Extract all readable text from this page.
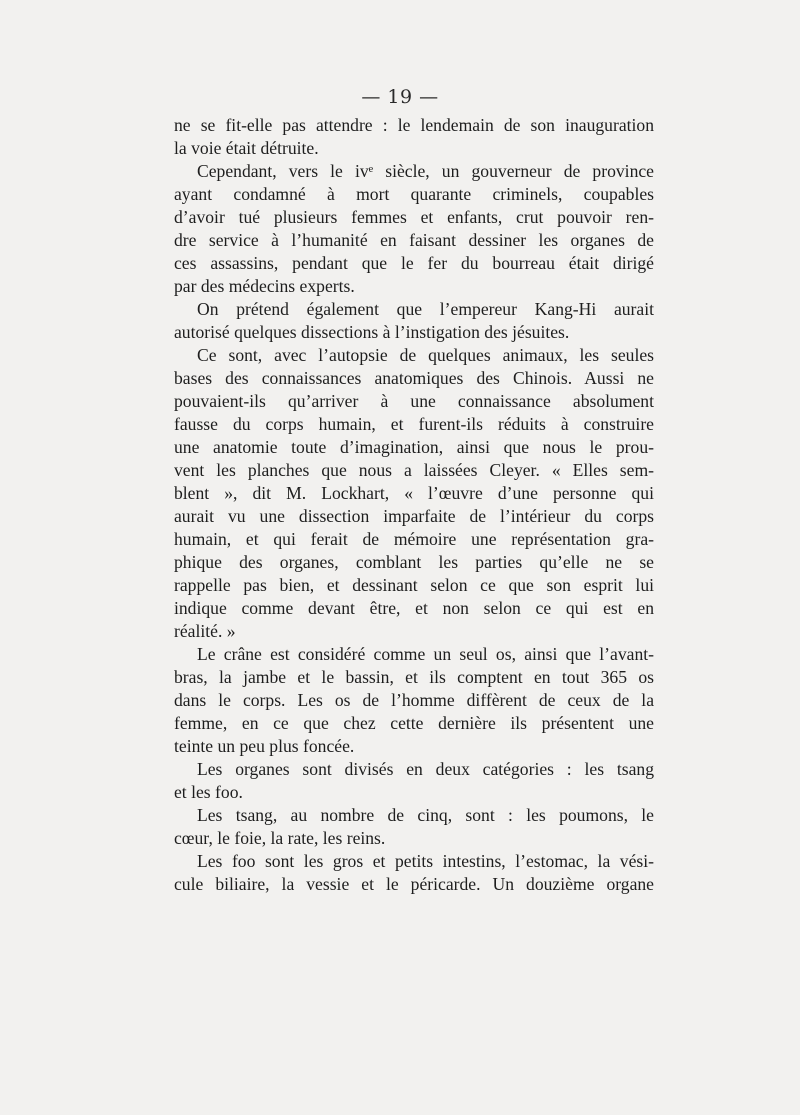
— 19 —
ne se fit-elle pas attendre : le lendemain de son inauguration
la voie était détruite.
Cependant, vers le ivᵉ siècle, un gouverneur de province
ayant condamné à mort quarante criminels, coupables
d’avoir tué plusieurs femmes et enfants, crut pouvoir ren-
dre service à l’humanité en faisant dessiner les organes de
ces assassins, pendant que le fer du bourreau était dirigé
par des médecins experts.
On prétend également que l’empereur Kang-Hi aurait
autorisé quelques dissections à l’instigation des jésuites.
Ce sont, avec l’autopsie de quelques animaux, les seules
bases des connaissances anatomiques des Chinois. Aussi ne
pouvaient-ils qu’arriver à une connaissance absolument
fausse du corps humain, et furent-ils réduits à construire
une anatomie toute d’imagination, ainsi que nous le prou-
vent les planches que nous a laissées Cleyer. « Elles sem-
blent », dit M. Lockhart, « l’œuvre d’une personne qui
aurait vu une dissection imparfaite de l’intérieur du corps
humain, et qui ferait de mémoire une représentation gra-
phique des organes, comblant les parties qu’elle ne se
rappelle pas bien, et dessinant selon ce que son esprit lui
indique comme devant être, et non selon ce qui est en
réalité. »
Le crâne est considéré comme un seul os, ainsi que l’avant-
bras, la jambe et le bassin, et ils comptent en tout 365 os
dans le corps. Les os de l’homme diffèrent de ceux de la
femme, en ce que chez cette dernière ils présentent une
teinte un peu plus foncée.
Les organes sont divisés en deux catégories : les tsang
et les foo.
Les tsang, au nombre de cinq, sont : les poumons, le
cœur, le foie, la rate, les reins.
Les foo sont les gros et petits intestins, l’estomac, la vési-
cule biliaire, la vessie et le péricarde. Un douzième organe
